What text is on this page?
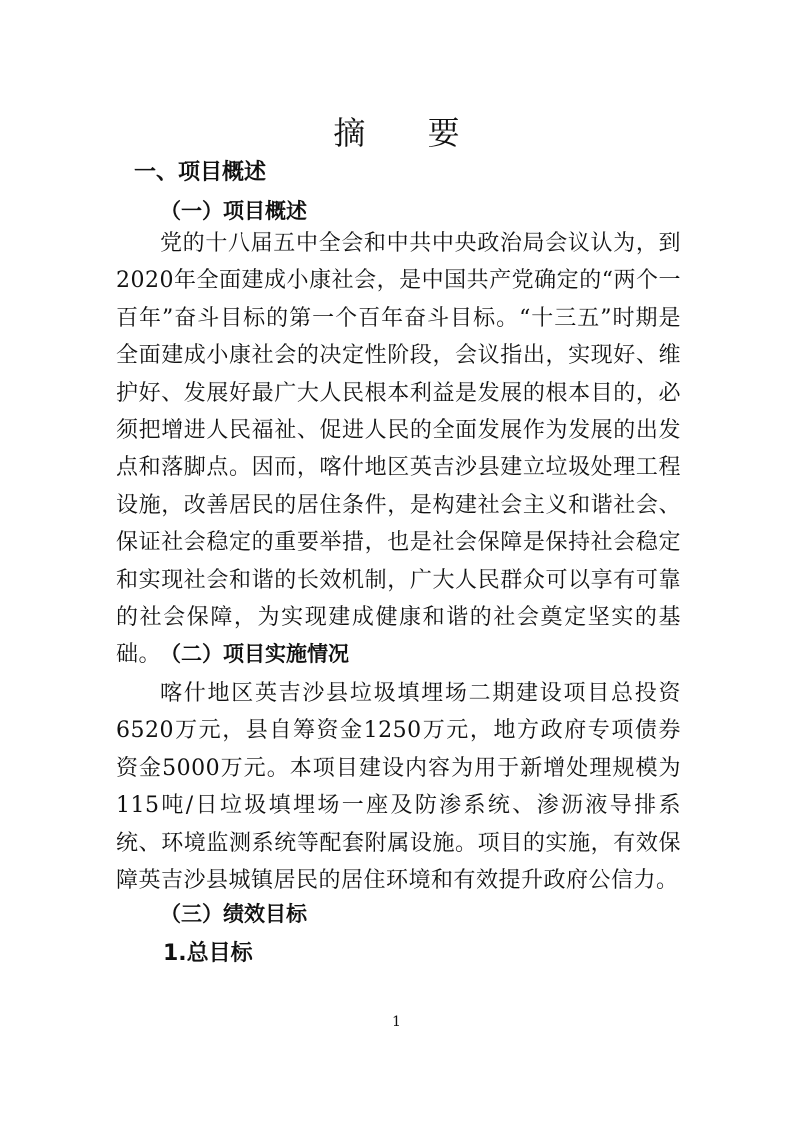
摘 要
一、项目概述
（一）项目概述
党的十八届五中全会和中共中央政治局会议认为，到2020年全面建成小康社会，是中国共产党确定的“两个一百年”奋斗目标的第一个百年奋斗目标。“十三五”时期是全面建成小康社会的决定性阶段，会议指出，实现好、维护好、发展好最广大人民根本利益是发展的根本目的，必须把增进人民福祉、促进人民的全面发展作为发展的出发点和落脚点。因而，喀什地区英吉沙县建立垃圾处理工程设施，改善居民的居住条件，是构建社会主义和谐社会、保证社会稳定的重要举措，也是社会保障是保持社会稳定和实现社会和谐的长效机制，广大人民群众可以享有可靠的社会保障，为实现建成健康和谐的社会奠定坚实的基础。
（二）项目实施情况
喀什地区英吉沙县垃圾填埋场二期建设项目总投资6520万元，县自筹资金1250万元，地方政府专项债券资金5000万元。本项目建设内容为用于新增处理规模为115吨/日垃圾填埋场一座及防渗系统、渗沥液导排系统、环境监测系统等配套附属设施。项目的实施，有效保障英吉沙县城镇居民的居住环境和有效提升政府公信力。
（三）绩效目标
1.总目标
1
